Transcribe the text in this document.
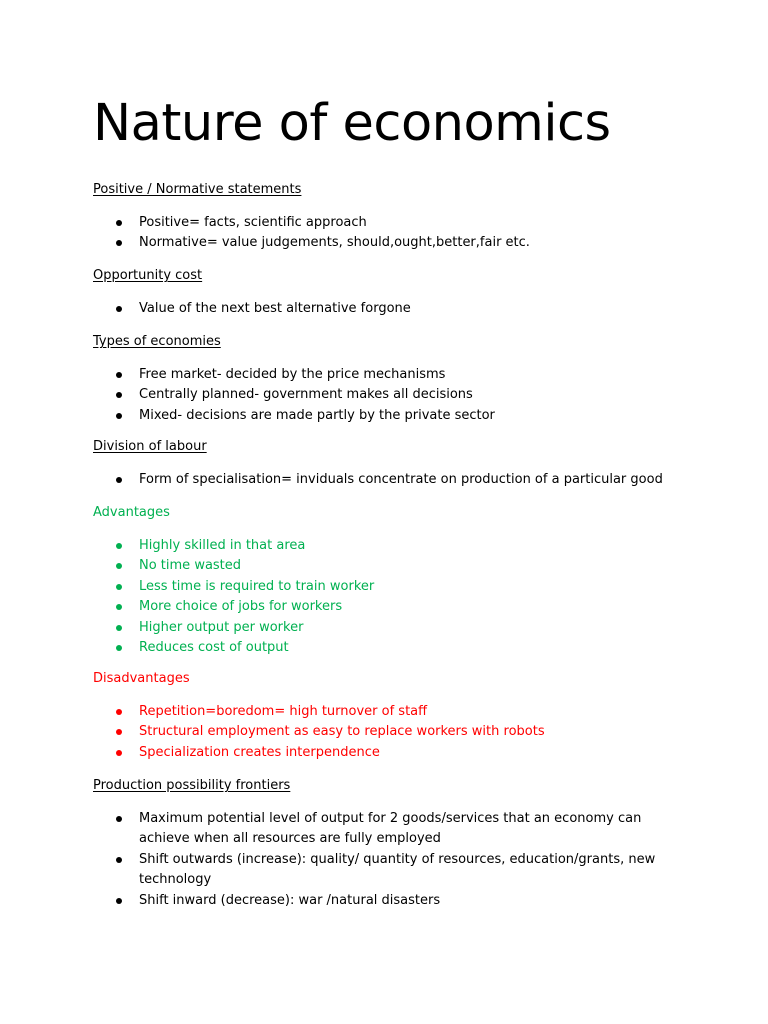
Nature of economics

Positive / Normative statements

Positive= facts, scientific approach
Normative= value judgements, should,ought,better,fair etc.

Opportunity cost

Value of the next best alternative forgone

Types of economies

Free market- decided by the price mechanisms
Centrally planned- government makes all decisions
Mixed- decisions are made partly by the private sector

Division of labour

Form of specialisation= inviduals concentrate on production of a particular good

Advantages

Highly skilled in that area
No time wasted
Less time is required to train worker
More choice of jobs for workers
Higher output per worker
Reduces cost of output

Disadvantages

Repetition=boredom= high turnover of staff
Structural employment as easy to replace workers with robots
Specialization creates interpendence

Production possibility frontiers

Maximum potential level of output for 2 goods/services that an economy can achieve when all resources are fully employed
Shift outwards (increase): quality/ quantity of resources, education/grants, new technology
Shift inward (decrease): war /natural disasters
